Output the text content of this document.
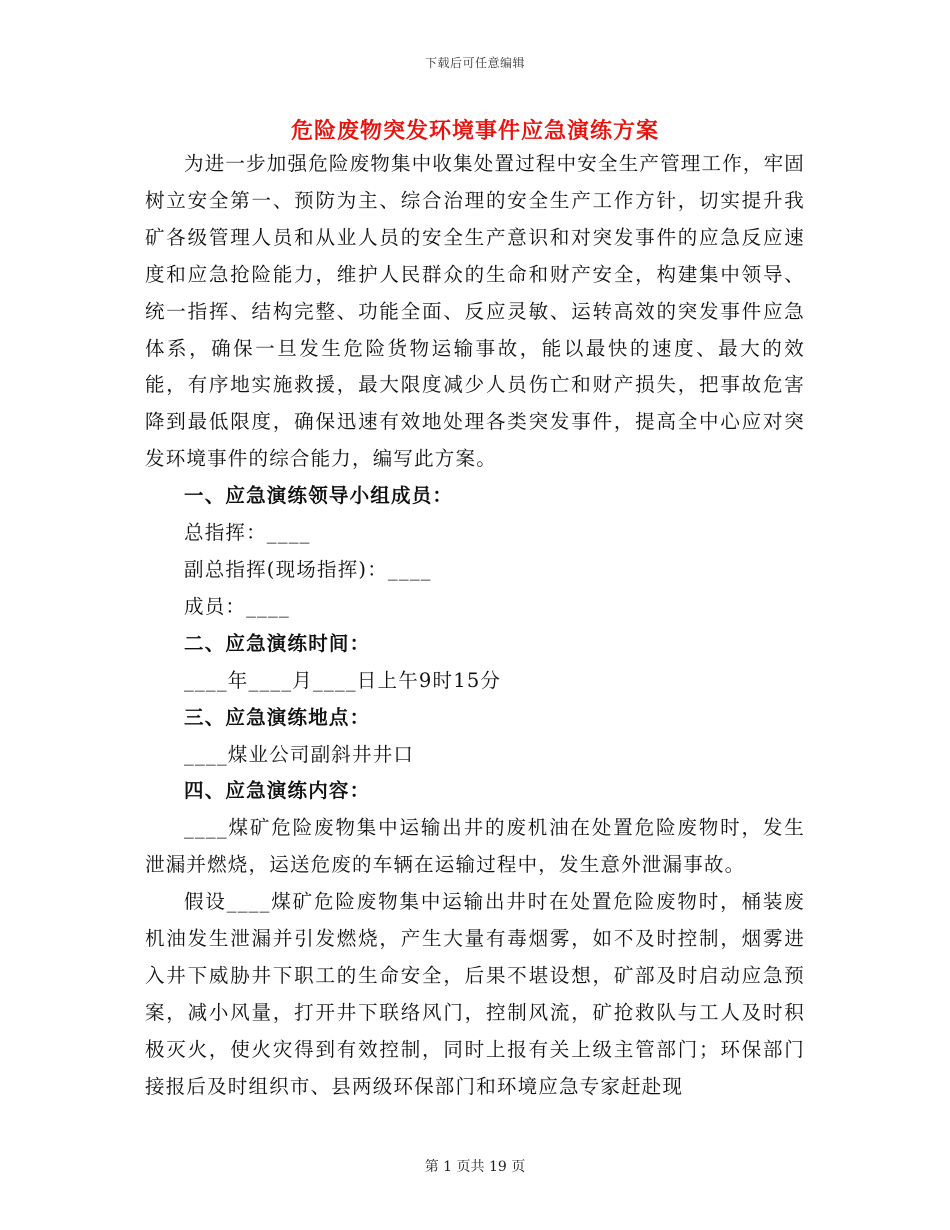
下载后可任意编辑
危险废物突发环境事件应急演练方案

为进一步加强危险废物集中收集处置过程中安全生产管理工作，牢固树立安全第一、预防为主、综合治理的安全生产工作方针，切实提升我矿各级管理人员和从业人员的安全生产意识和对突发事件的应急反应速度和应急抢险能力，维护人民群众的生命和财产安全，构建集中领导、统一指挥、结构完整、功能全面、反应灵敏、运转高效的突发事件应急体系，确保一旦发生危险货物运输事故，能以最快的速度、最大的效能，有序地实施救援，最大限度减少人员伤亡和财产损失，把事故危害降到最低限度，确保迅速有效地处理各类突发事件，提高全中心应对突发环境事件的综合能力，编写此方案。

一、应急演练领导小组成员：

总指挥：____

副总指挥(现场指挥)：____

成员：____

二、应急演练时间：

____年____月____日上午9时15分

三、应急演练地点：

____煤业公司副斜井井口

四、应急演练内容：

____煤矿危险废物集中运输出井的废机油在处置危险废物时，发生泄漏并燃烧，运送危废的车辆在运输过程中，发生意外泄漏事故。

假设____煤矿危险废物集中运输出井时在处置危险废物时，桶装废机油发生泄漏并引发燃烧，产生大量有毒烟雾，如不及时控制，烟雾进入井下威胁井下职工的生命安全，后果不堪设想，矿部及时启动应急预案，减小风量，打开井下联络风门，控制风流，矿抢救队与工人及时积极灭火，使火灾得到有效控制，同时上报有关上级主管部门；环保部门接报后及时组织市、县两级环保部门和环境应急专家赶赴现

第 1 页共 19 页
